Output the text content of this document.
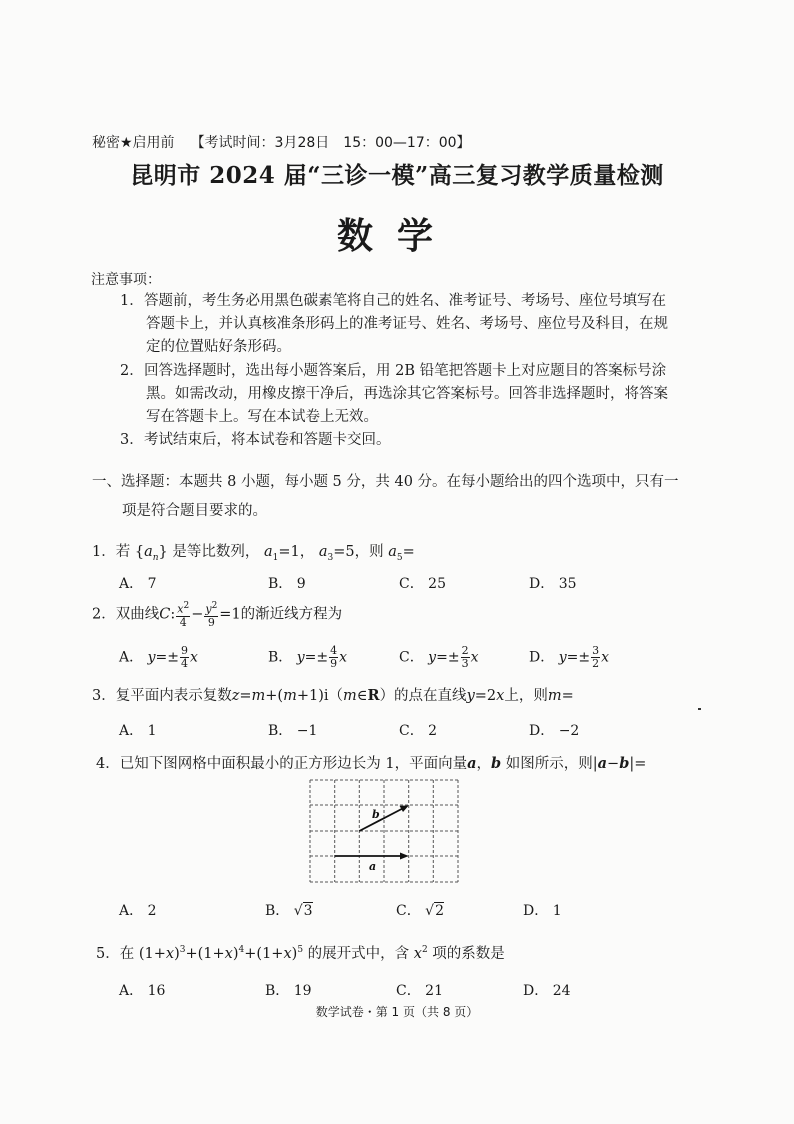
秘密★启用前 【考试时间：3月28日　15：00—17：00】
昆明市 2024 届“三诊一模”高三复习教学质量检测
数学
注意事项：
1．答题前，考生务必用黑色碳素笔将自己的姓名、准考证号、考场号、座位号填写在
答题卡上，并认真核准条形码上的准考证号、姓名、考场号、座位号及科目，在规
定的位置贴好条形码。
2．回答选择题时，选出每小题答案后，用 2B 铅笔把答题卡上对应题目的答案标号涂
黑。如需改动，用橡皮擦干净后，再选涂其它答案标号。回答非选择题时，将答案
写在答题卡上。写在本试卷上无效。
3．考试结束后，将本试卷和答题卡交回。
一、选择题：本题共 8 小题，每小题 5 分，共 40 分。在每小题给出的四个选项中，只有一
项是符合题目要求的。
1．若 $\{a_n\}$ 是等比数列， $a_1=1$， $a_3=5$，则 $a_5=$
A． 7	B． 9	C． 25	D． 35
2．双曲线C: $\frac{x^2}{4} - \frac{y^2}{9} =1$的渐近线方程为
A． $y=\pm \frac{9}{4}$ x	B． $y=\pm \frac{4}{9}$ x	C． $y=\pm \frac{2}{3}$ x	D． $y=\pm \frac{3}{2}$ x
3．复平面内表示复数z=m+(m+1)i（m∈R）的点在直线y=2x上，则m=
A． 1	B． −1	C． 2	D． −2
4．已知下图网格中面积最小的正方形边长为 1，平面向量a，b 如图所示，则|a−b|=
a
b
A． 2	B． √3	C． √2	D． 1
5．在 $(1+x)^3+(1+x)^4+(1+x)^5$ 的展开式中，含 $x^2$ 项的系数是
A． 16	B． 19	C． 21	D． 24
数学试卷・第 1 页（共 8 页）
